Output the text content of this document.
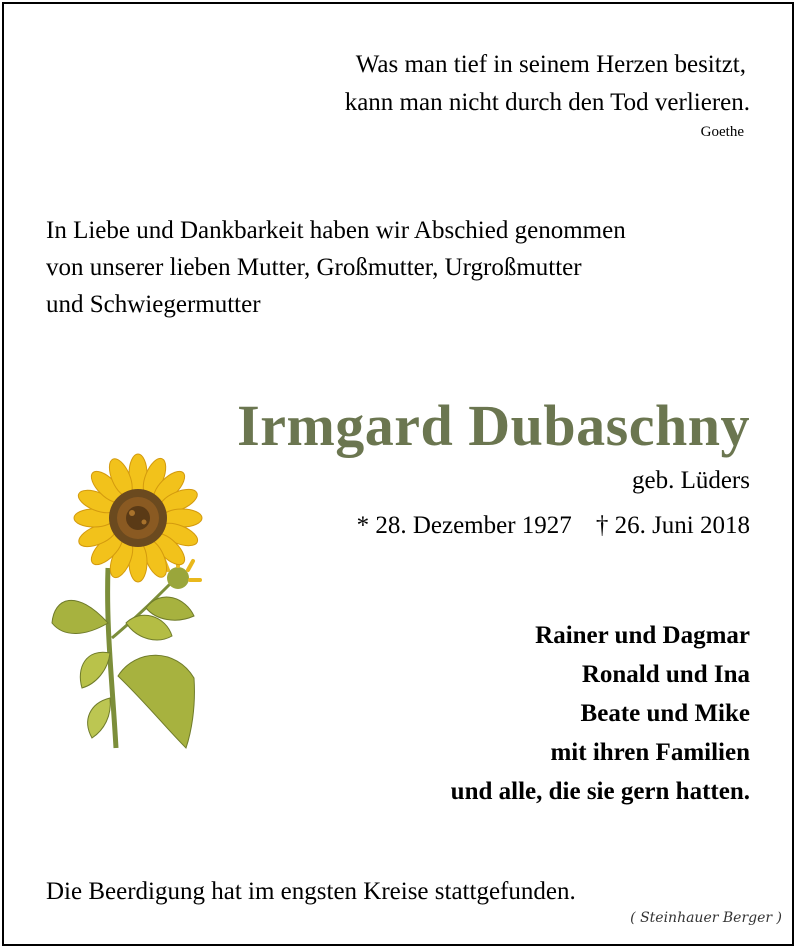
Was man tief in seinem Herzen besitzt,
kann man nicht durch den Tod verlieren.
Goethe
In Liebe und Dankbarkeit haben wir Abschied genommen
von unserer lieben Mutter, Großmutter, Urgroßmutter
und Schwiegermutter
Irmgard Dubaschny
geb. Lüders
* 28. Dezember 1927 † 26. Juni 2018
Rainer und Dagmar
Ronald und Ina
Beate und Mike
mit ihren Familien
und alle, die sie gern hatten.
Die Beerdigung hat im engsten Kreise stattgefunden.
( Steinhauer Berger )
